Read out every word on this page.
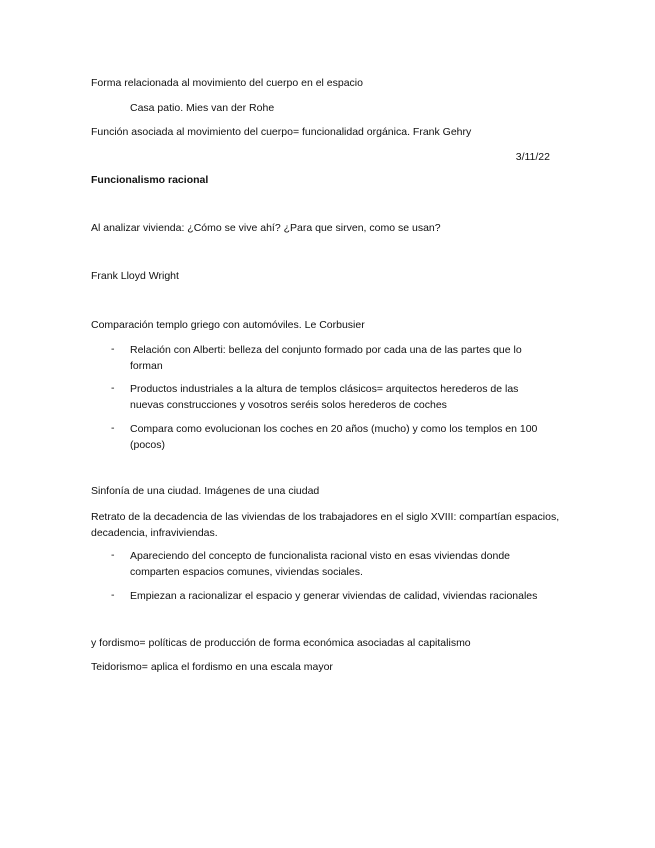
Forma relacionada al movimiento del cuerpo en el espacio
Casa patio. Mies van der Rohe
Función asociada al movimiento del cuerpo= funcionalidad orgánica. Frank Gehry
3/11/22
Funcionalismo racional
Al analizar vivienda: ¿Cómo se vive ahí? ¿Para que sirven, como se usan?
Frank Lloyd Wright
Comparación templo griego con automóviles. Le Corbusier
- Relación con Alberti: belleza del conjunto formado por cada una de las partes que lo forman
- Productos industriales a la altura de templos clásicos= arquitectos herederos de las nuevas construcciones y vosotros seréis solos herederos de coches
- Compara como evolucionan los coches en 20 años (mucho) y como los templos en 100 (pocos)
Sinfonía de una ciudad. Imágenes de una ciudad
Retrato de la decadencia de las viviendas de los trabajadores en el siglo XVIII: compartían espacios, decadencia, infraviviendas.
- Apareciendo del concepto de funcionalista racional visto en esas viviendas donde comparten espacios comunes, viviendas sociales.
- Empiezan a racionalizar el espacio y generar viviendas de calidad, viviendas racionales
y fordismo= políticas de producción de forma económica asociadas al capitalismo
Teidorismo= aplica el fordismo en una escala mayor
